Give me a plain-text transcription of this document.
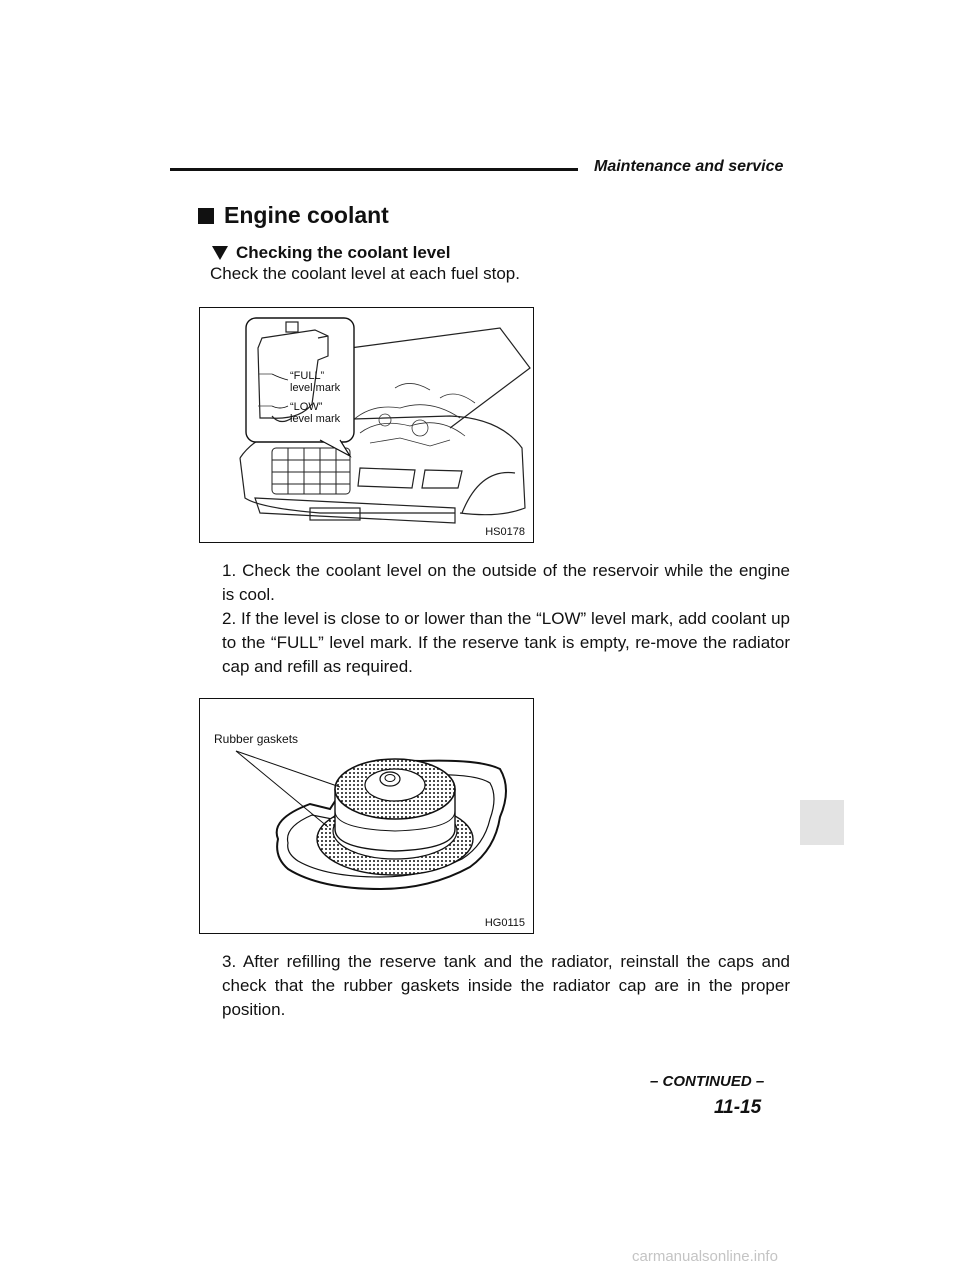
Maintenance and service
Engine coolant
Checking the coolant level
Check the coolant level at each fuel stop.
“FULL”
level mark
“LOW”
level mark
HS0178
1. Check the coolant level on the outside of the reservoir while the engine is cool.
2. If the level is close to or lower than the “LOW” level mark, add coolant up to the “FULL” level mark. If the reserve tank is empty, re-move the radiator cap and refill as required.
Rubber gaskets
HG0115
3. After refilling the reserve tank and the radiator, reinstall the caps and check that the rubber gaskets inside the radiator cap are in the proper position.
– CONTINUED –
11-15
carmanualsonline.info
